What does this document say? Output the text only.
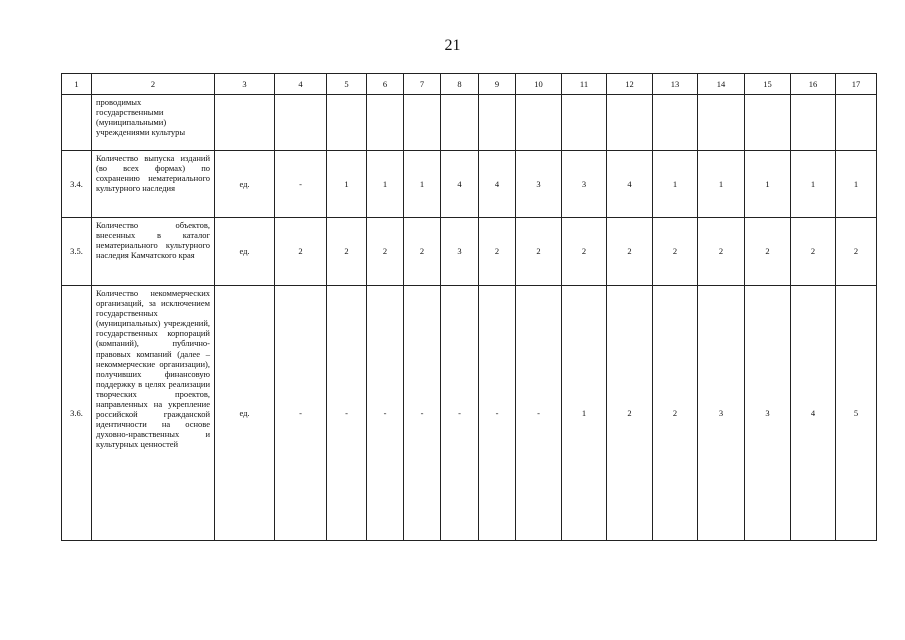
21
1	2	3	4	5	6	7	8	9	10	11	12	13	14	15	16	17
	проводимых государственными (муниципальными) учреждениями культуры															
3.4.	Количество выпуска изданий (во всех формах) по сохранению нематериального культурного наследия	ед.	-	1	1	1	4	4	3	3	4	1	1	1	1	1
3.5.	Количество объектов, внесенных в каталог нематериального культурного наследия Камчатского края	ед.	2	2	2	2	3	2	2	2	2	2	2	2	2	2
3.6.	Количество некоммерческих организаций, за исключением государственных (муниципальных) учреждений, государственных корпораций (компаний), публично-правовых компаний (далее – некоммерческие организации), получивших финансовую поддержку в целях реализации творческих проектов, направленных на укрепление российской гражданской идентичности на основе духовно-нравственных и культурных ценностей	ед.	-	-	-	-	-	-	-	1	2	2	3	3	4	5
